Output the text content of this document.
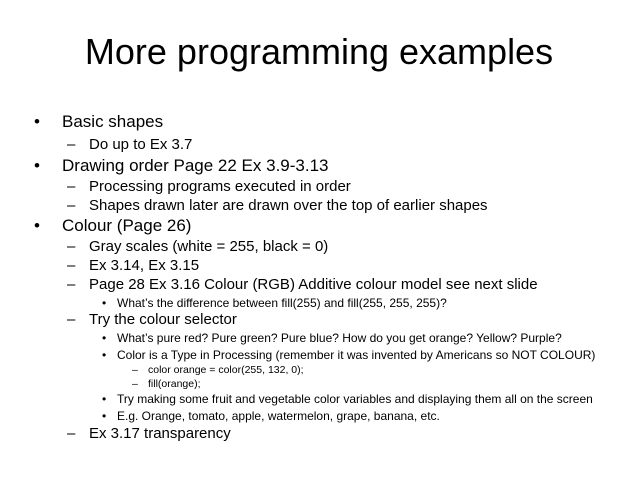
More programming examples
• Basic shapes
– Do up to Ex 3.7
• Drawing order Page 22 Ex 3.9-3.13
– Processing programs executed in order
– Shapes drawn later are drawn over the top of earlier shapes
• Colour (Page 26)
– Gray scales (white = 255, black = 0)
– Ex 3.14, Ex 3.15
– Page 28 Ex 3.16 Colour (RGB) Additive colour model see next slide
• What’s the difference between fill(255) and fill(255, 255, 255)?
– Try the colour selector
• What’s pure red? Pure green? Pure blue? How do you get orange? Yellow? Purple?
• Color is a Type in Processing (remember it was invented by Americans so NOT COLOUR)
– color orange = color(255, 132, 0);
– fill(orange);
• Try making some fruit and vegetable color variables and displaying them all on the screen
• E.g. Orange, tomato, apple, watermelon, grape, banana, etc.
– Ex 3.17 transparency
